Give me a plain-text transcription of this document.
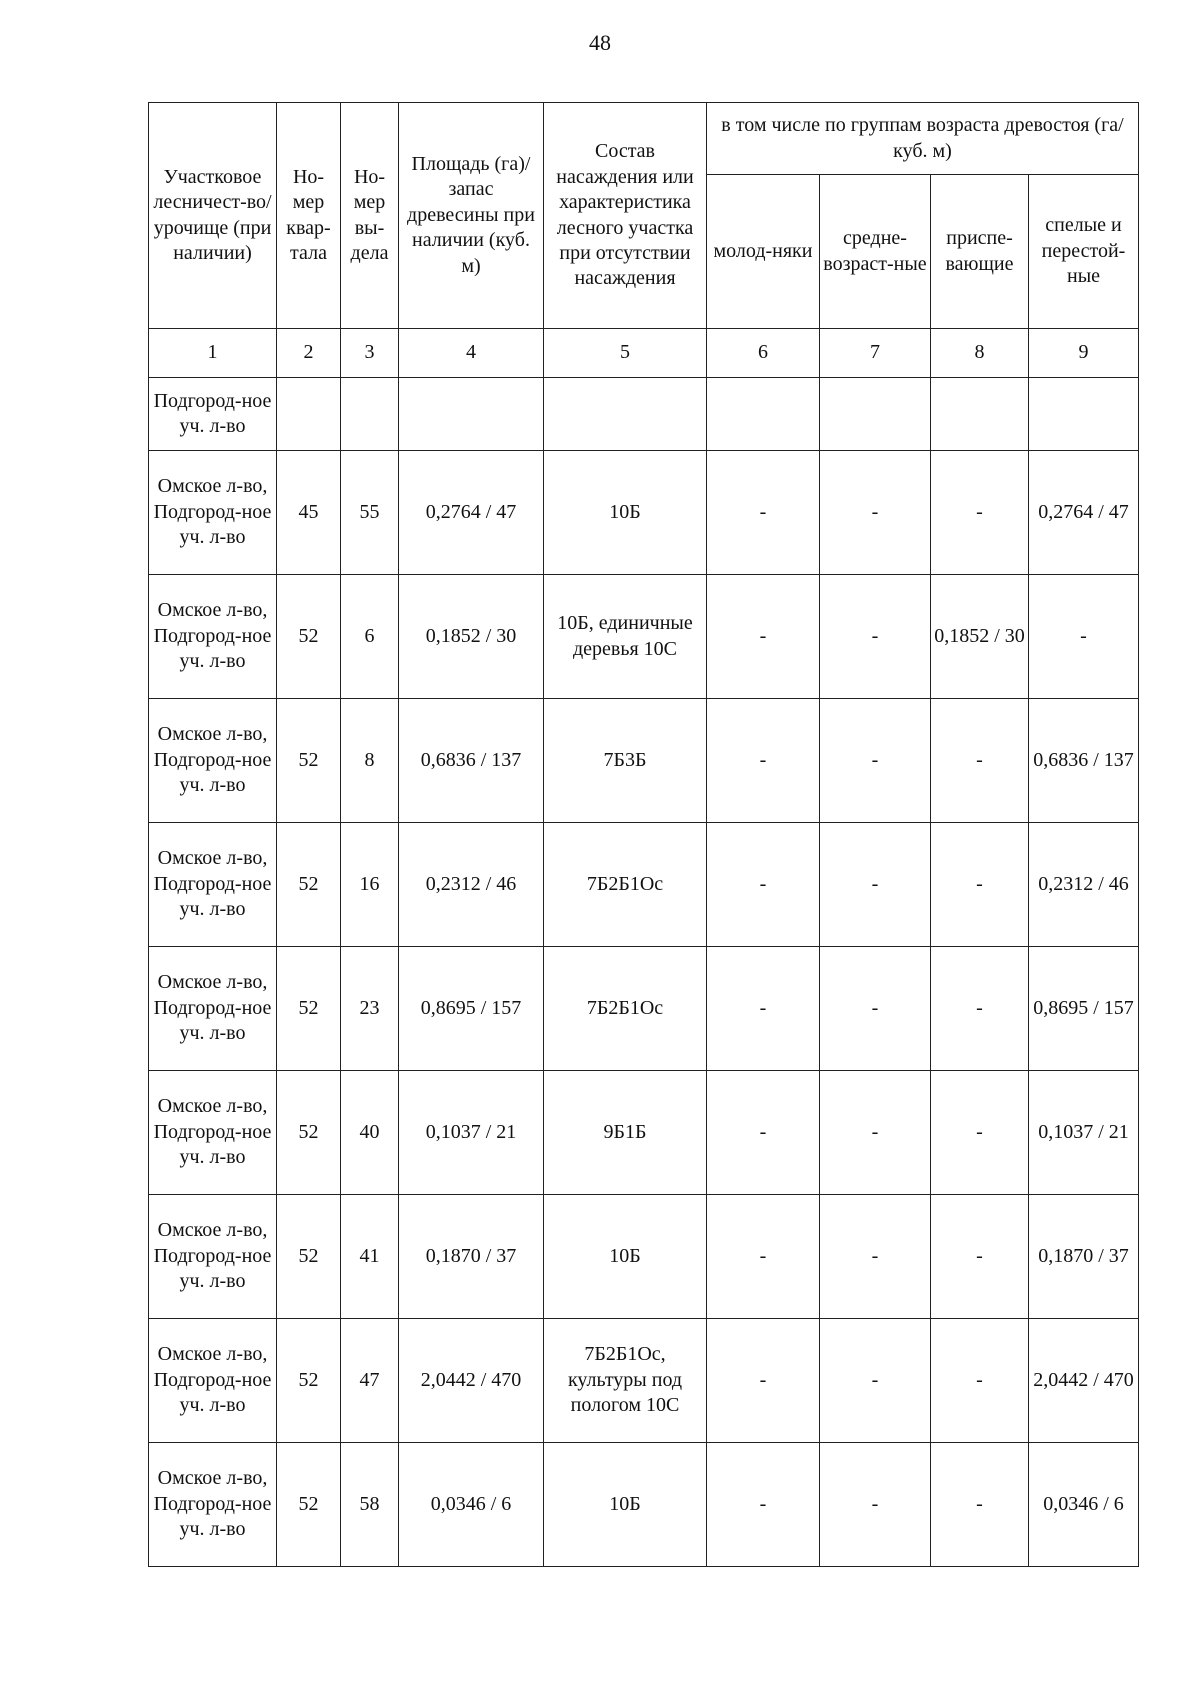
48
Участковое лесничест-во/урочище (при наличии)	Но-мер квар-тала	Но-мер вы-дела	Площадь (га)/запас древесины при наличии (куб. м)	Состав насаждения или характеристика лесного участка при отсутствии насаждения	в том числе по группам возраста древостоя (га/куб. м)			
					молод-няки	средне-возраст-ные	приспе-вающие	спелые и перестой-ные
1	2	3	4	5	6	7	8	9
Подгород-ное уч. л-во								
Омское л-во, Подгород-ное уч. л-во	45	55	0,2764 / 47	10Б	-	-	-	0,2764 / 47
Омское л-во, Подгород-ное уч. л-во	52	6	0,1852 / 30	10Б, единичные деревья 10С	-	-	0,1852 / 30	-
Омское л-во, Подгород-ное уч. л-во	52	8	0,6836 / 137	7Б3Б	-	-	-	0,6836 / 137
Омское л-во, Подгород-ное уч. л-во	52	16	0,2312 / 46	7Б2Б1Ос	-	-	-	0,2312 / 46
Омское л-во, Подгород-ное уч. л-во	52	23	0,8695 / 157	7Б2Б1Ос	-	-	-	0,8695 / 157
Омское л-во, Подгород-ное уч. л-во	52	40	0,1037 / 21	9Б1Б	-	-	-	0,1037 / 21
Омское л-во, Подгород-ное уч. л-во	52	41	0,1870 / 37	10Б	-	-	-	0,1870 / 37
Омское л-во, Подгород-ное уч. л-во	52	47	2,0442 / 470	7Б2Б1Ос, культуры под пологом 10С	-	-	-	2,0442 / 470
Омское л-во, Подгород-ное уч. л-во	52	58	0,0346 / 6	10Б	-	-	-	0,0346 / 6
